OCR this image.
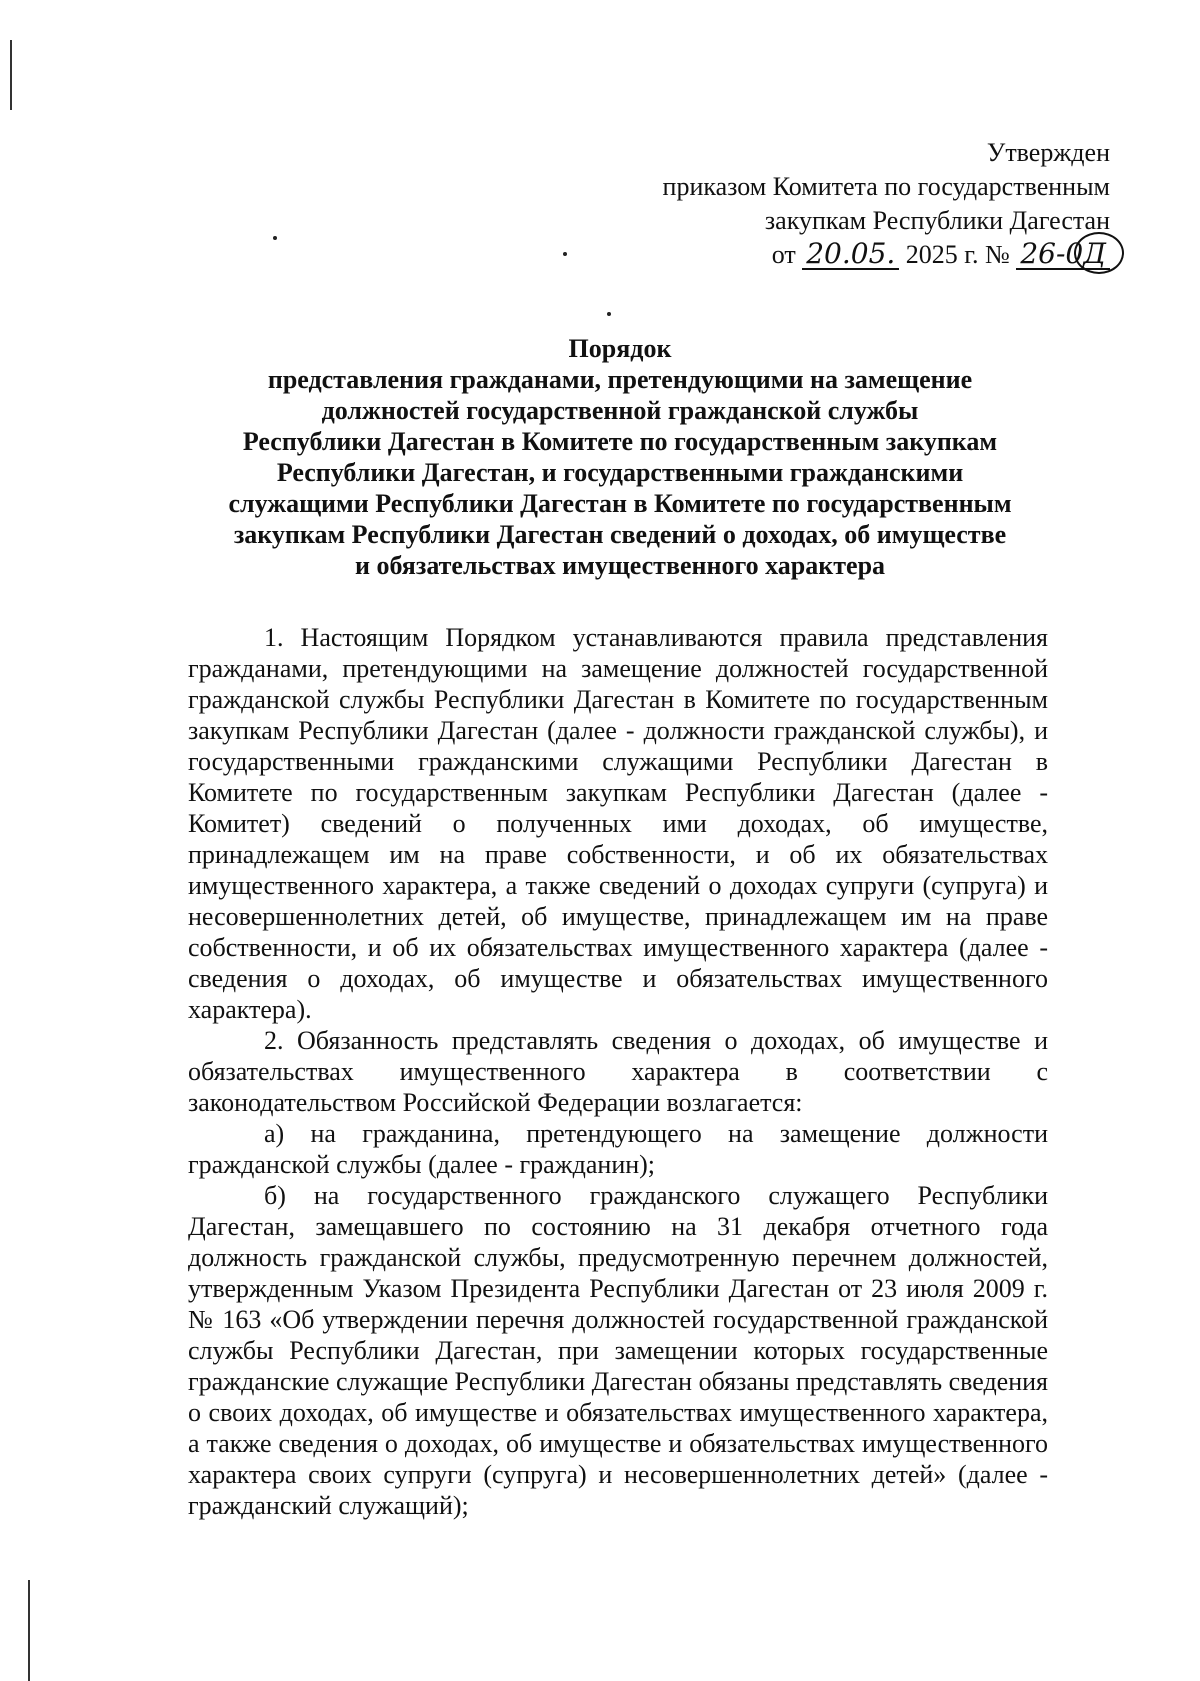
Утвержден
приказом Комитета по государственным
закупкам Республики Дагестан
от 20.05. 2025 г. № 26-0Д
Порядок
представления гражданами, претендующими на замещение
должностей государственной гражданской службы
Республики Дагестан в Комитете по государственным закупкам
Республики Дагестан, и государственными гражданскими
служащими Республики Дагестан в Комитете по государственным
закупкам Республики Дагестан сведений о доходах, об имуществе
и обязательствах имущественного характера

1. Настоящим Порядком устанавливаются правила представления гражданами, претендующими на замещение должностей государственной гражданской службы Республики Дагестан в Комитете по государственным закупкам Республики Дагестан (далее - должности гражданской службы), и государственными гражданскими служащими Республики Дагестан в Комитете по государственным закупкам Республики Дагестан (далее - Комитет) сведений о полученных ими доходах, об имуществе, принадлежащем им на праве собственности, и об их обязательствах имущественного характера, а также сведений о доходах супруги (супруга) и несовершеннолетних детей, об имуществе, принадлежащем им на праве собственности, и об их обязательствах имущественного характера (далее - сведения о доходах, об имуществе и обязательствах имущественного характера).

2. Обязанность представлять сведения о доходах, об имуществе и обязательствах имущественного характера в соответствии с законодательством Российской Федерации возлагается:

а) на гражданина, претендующего на замещение должности гражданской службы (далее - гражданин);

б) на государственного гражданского служащего Республики Дагестан, замещавшего по состоянию на 31 декабря отчетного года должность гражданской службы, предусмотренную перечнем должностей, утвержденным Указом Президента Республики Дагестан от 23 июля 2009 г. № 163 «Об утверждении перечня должностей государственной гражданской службы Республики Дагестан, при замещении которых государственные гражданские служащие Республики Дагестан обязаны представлять сведения о своих доходах, об имуществе и обязательствах имущественного характера, а также сведения о доходах, об имуществе и обязательствах имущественного характера своих супруги (супруга) и несовершеннолетних детей» (далее - гражданский служащий);
